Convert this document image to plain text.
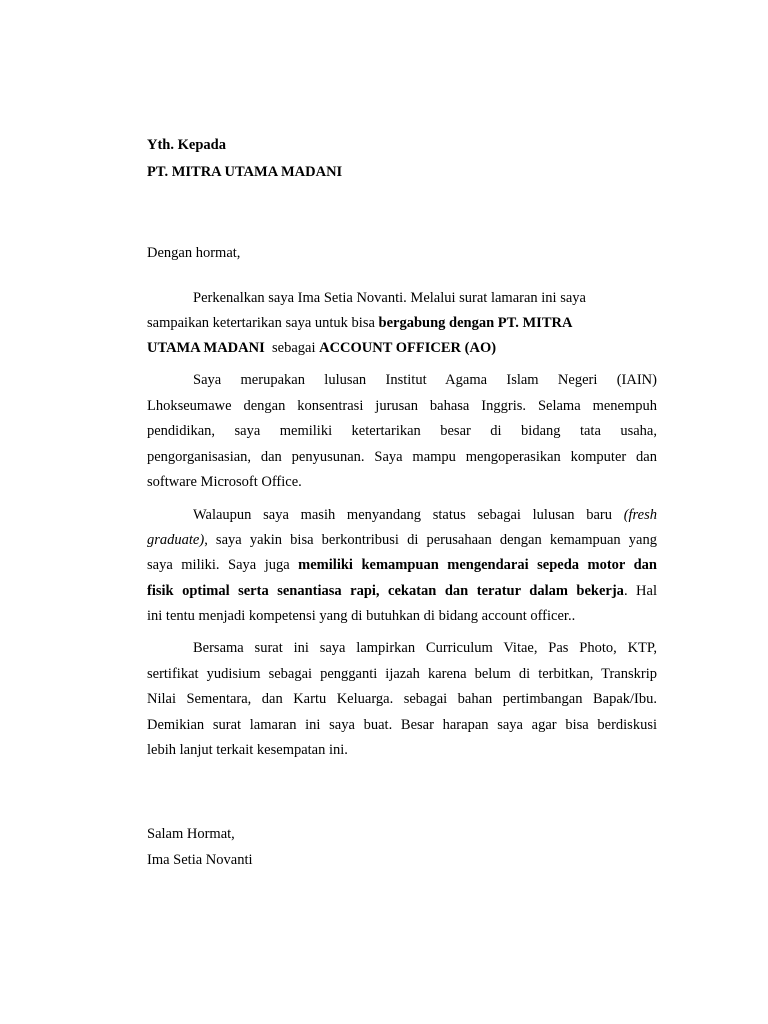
Yth. Kepada
PT. MITRA UTAMA MADANI
Dengan hormat,
Perkenalkan saya Ima Setia Novanti. Melalui surat lamaran ini saya
sampaikan ketertarikan saya untuk bisa bergabung dengan PT. MITRA
UTAMA MADANI  sebagai ACCOUNT OFFICER (AO)
Saya merupakan lulusan Institut Agama Islam Negeri (IAIN)
Lhokseumawe dengan konsentrasi jurusan bahasa Inggris. Selama menempuh
pendidikan, saya memiliki ketertarikan besar di bidang tata usaha,
pengorganisasian, dan penyusunan. Saya mampu mengoperasikan komputer dan
software Microsoft Office.
Walaupun saya masih menyandang status sebagai lulusan baru (fresh
graduate), saya yakin bisa berkontribusi di perusahaan dengan kemampuan yang
saya miliki. Saya juga memiliki kemampuan mengendarai sepeda motor dan
fisik optimal serta senantiasa rapi, cekatan dan teratur dalam bekerja. Hal
ini tentu menjadi kompetensi yang di butuhkan di bidang account officer..
Bersama surat ini saya lampirkan Curriculum Vitae, Pas Photo, KTP,
sertifikat yudisium sebagai pengganti ijazah karena belum di terbitkan, Transkrip
Nilai Sementara, dan Kartu Keluarga. sebagai bahan pertimbangan Bapak/Ibu.
Demikian surat lamaran ini saya buat. Besar harapan saya agar bisa berdiskusi
lebih lanjut terkait kesempatan ini.
Salam Hormat,
Ima Setia Novanti
